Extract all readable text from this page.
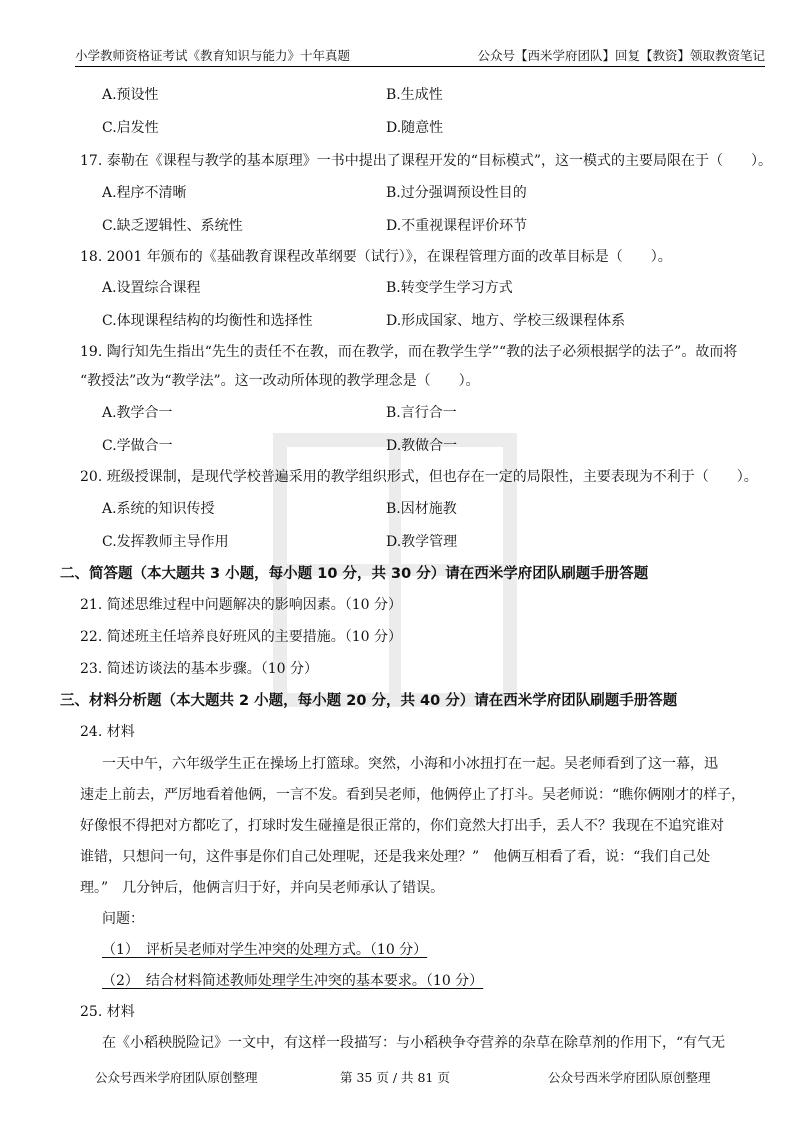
小学教师资格证考试《教育知识与能力》十年真题	公众号【西米学府团队】回复【教资】领取教资笔记
A.预设性	B.生成性
C.启发性	D.随意性
17. 泰勒在《课程与教学的基本原理》一书中提出了课程开发的“目标模式”，这一模式的主要局限在于（　　）。
A.程序不清晰	B.过分强调预设性目的
C.缺乏逻辑性、系统性	D.不重视课程评价环节
18. 2001 年颁布的《基础教育课程改革纲要（试行）》，在课程管理方面的改革目标是（　　）。
A.设置综合课程	B.转变学生学习方式
C.体现课程结构的均衡性和选择性	D.形成国家、地方、学校三级课程体系
19. 陶行知先生指出“先生的责任不在教，而在教学，而在教学生学”“教的法子必须根据学的法子”。故而将
“教授法”改为“教学法”。这一改动所体现的教学理念是（　　）。
A.教学合一	B.言行合一
C.学做合一	D.教做合一
20. 班级授课制，是现代学校普遍采用的教学组织形式，但也存在一定的局限性，主要表现为不利于（　　）。
A.系统的知识传授	B.因材施教
C.发挥教师主导作用	D.教学管理
二、简答题（本大题共 3 小题，每小题 10 分，共 30 分）请在西米学府团队刷题手册答题
21. 简述思维过程中问题解决的影响因素。（10 分）
22. 简述班主任培养良好班风的主要措施。（10 分）
23. 简述访谈法的基本步骤。（10 分）
三、材料分析题（本大题共 2 小题，每小题 20 分，共 40 分）请在西米学府团队刷题手册答题
24. 材料
一天中午，六年级学生正在操场上打篮球。突然，小海和小冰扭打在一起。吴老师看到了这一幕，迅
速走上前去，严厉地看着他俩，一言不发。看到吴老师，他俩停止了打斗。吴老师说：“瞧你俩刚才的样子，
好像恨不得把对方都吃了，打球时发生碰撞是很正常的，你们竟然大打出手，丢人不？我现在不追究谁对
谁错，只想问一句，这件事是你们自己处理呢，还是我来处理？”　他俩互相看了看，说：“我们自己处
理。”　几分钟后，他俩言归于好，并向吴老师承认了错误。
问题：
（1）　评析吴老师对学生冲突的处理方式。（10 分）
（2）　结合材料简述教师处理学生冲突的基本要求。（10 分）
25. 材料
在《小稻秧脱险记》一文中，有这样一段描写：与小稻秧争夺营养的杂草在除草剂的作用下，“有气无
公众号西米学府团队原创整理	第 35 页 / 共 81 页	公众号西米学府团队原创整理
